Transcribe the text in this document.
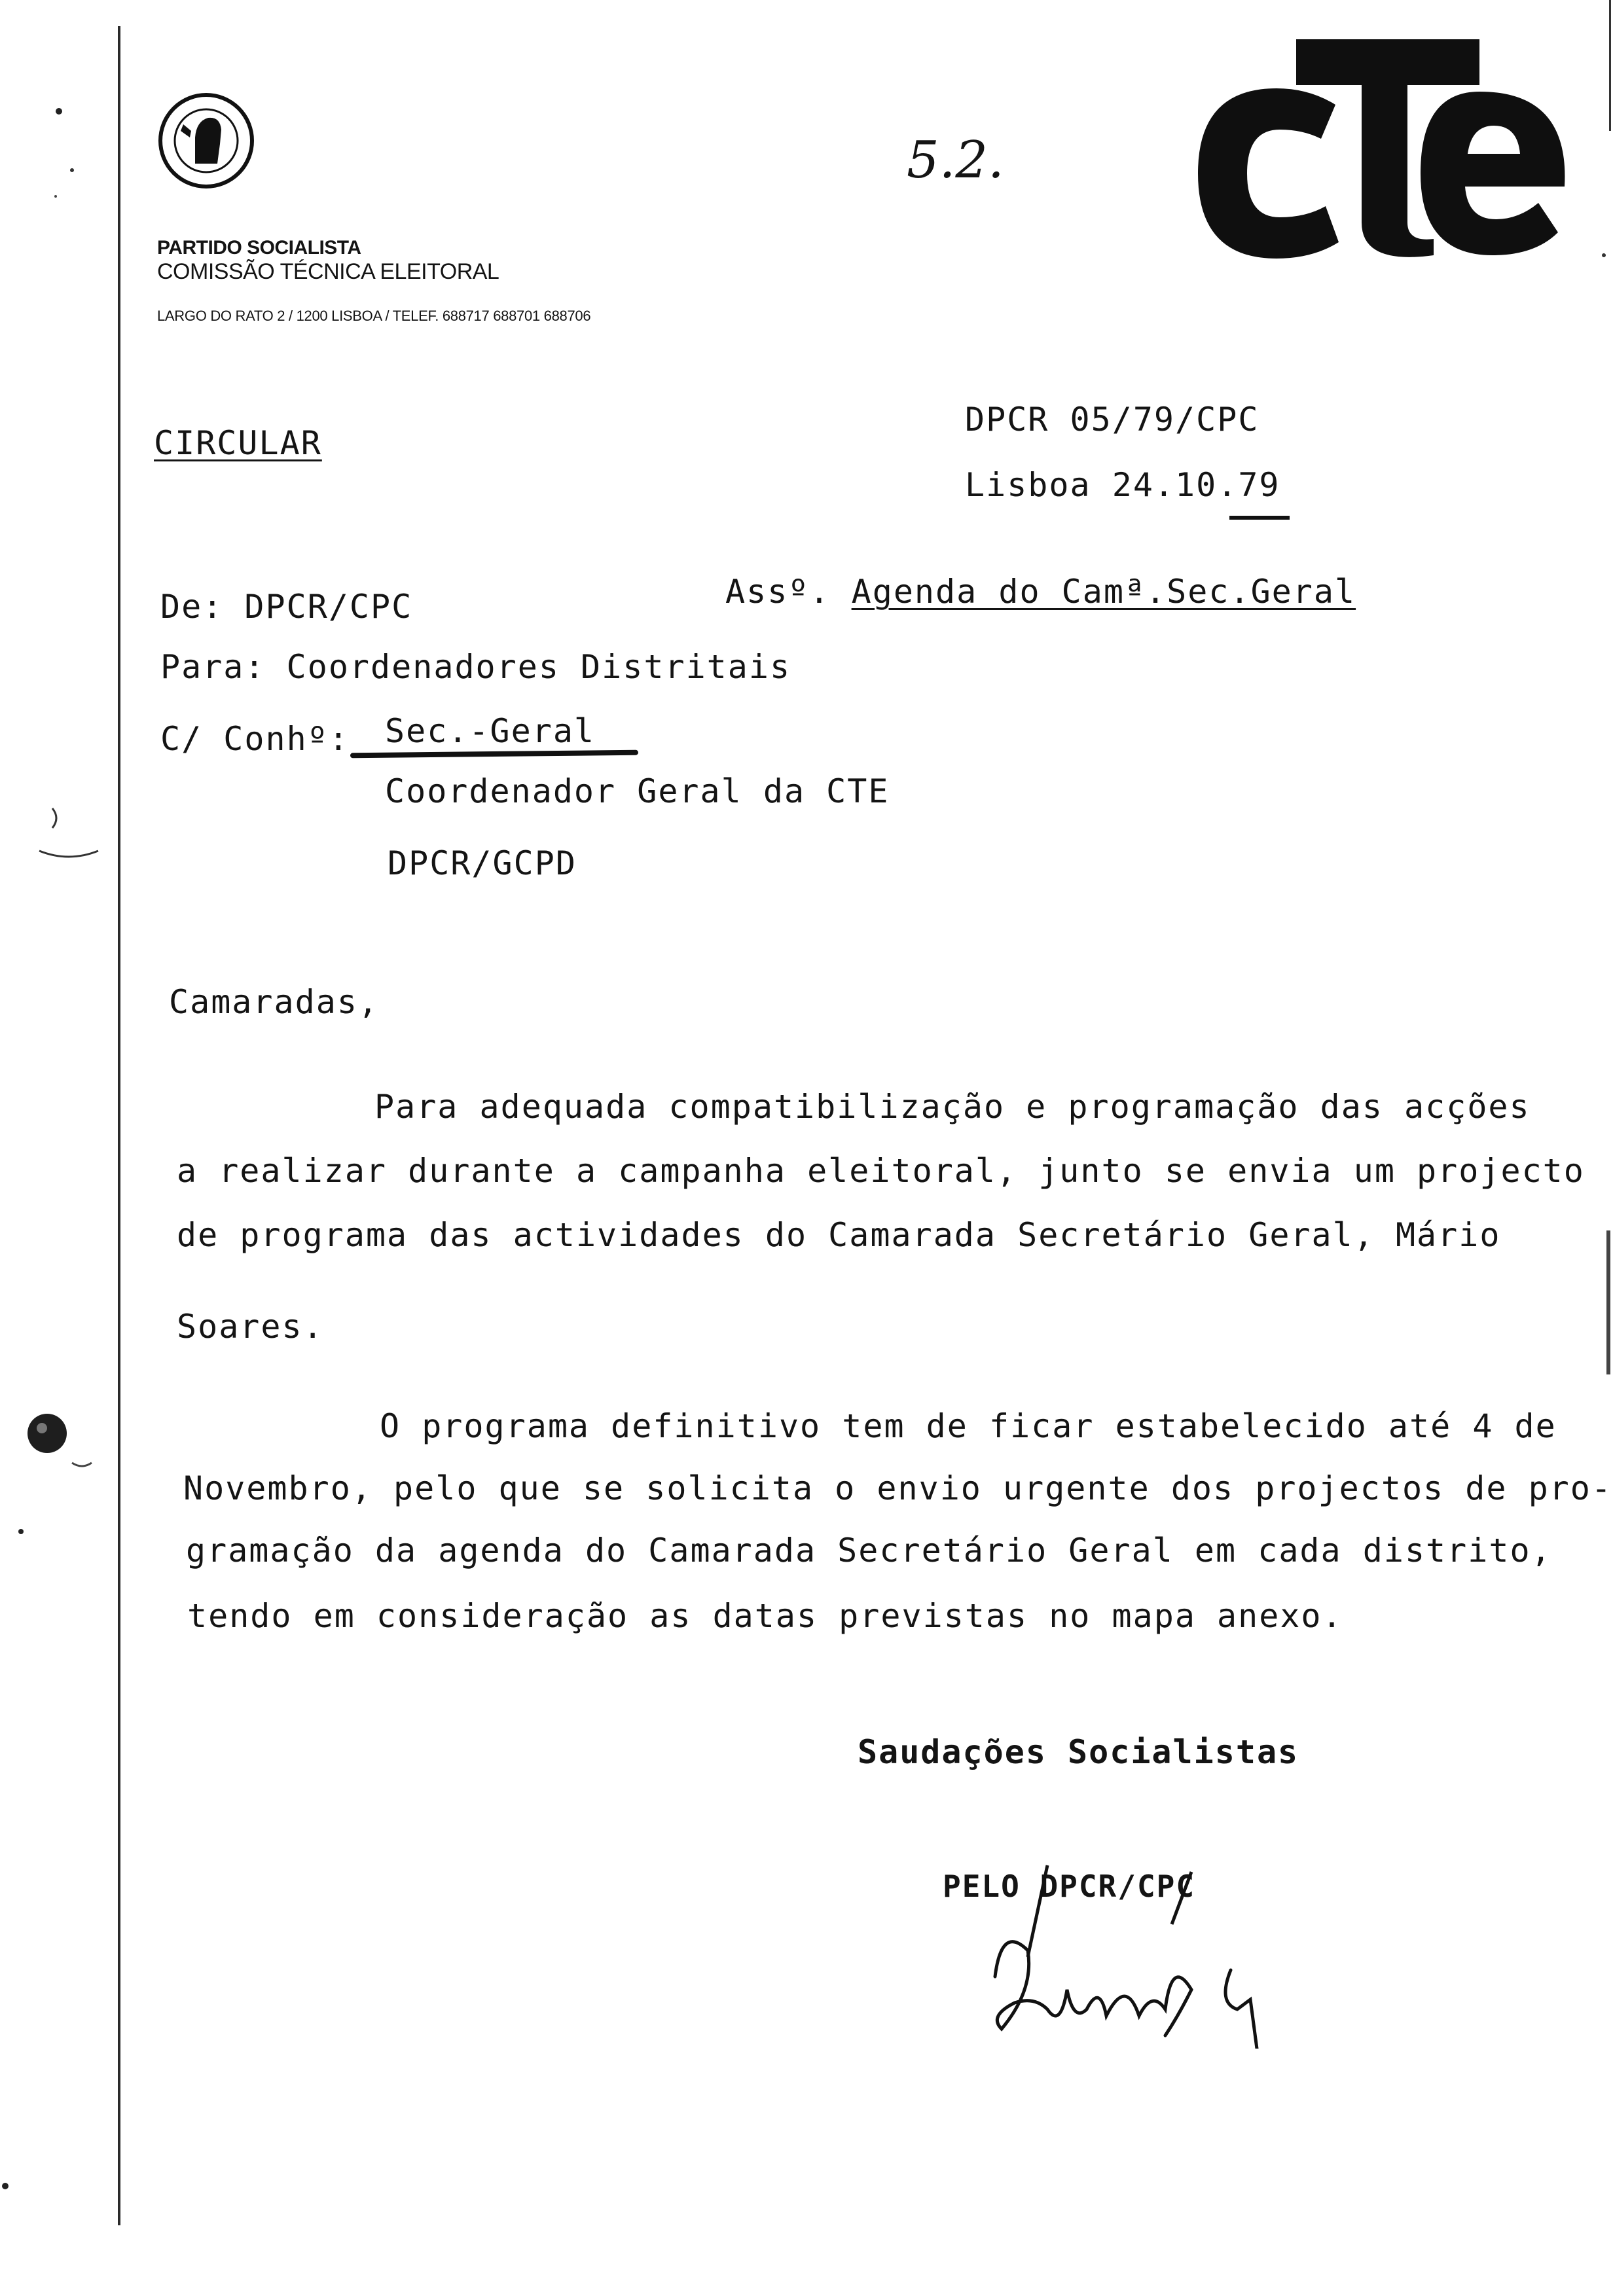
PARTIDO SOCIALISTA
COMISSÃO TÉCNICA ELEITORAL
LARGO DO RATO 2 / 1200 LISBOA / TELEF. 688717 688701 688706
5.2.
CIRCULAR
DPCR 05/79/CPC
Lisboa 24.10.79
De: DPCR/CPC	Assº. Agenda do Camª.Sec.Geral
Para: Coordenadores Distritais
C/ Conhº: Sec.-Geral
Coordenador Geral da CTE
DPCR/GCPD
Camaradas,
Para adequada compatibilização e programação das acções
a realizar durante a campanha eleitoral, junto se envia um projecto
de programa das actividades do Camarada Secretário Geral, Mário
Soares.
O programa definitivo tem de ficar estabelecido até 4 de
Novembro, pelo que se solicita o envio urgente dos projectos de pro-
gramação da agenda do Camarada Secretário Geral em cada distrito,
tendo em consideração as datas previstas no mapa anexo.
Saudações Socialistas
PELO DPCR/CPC
